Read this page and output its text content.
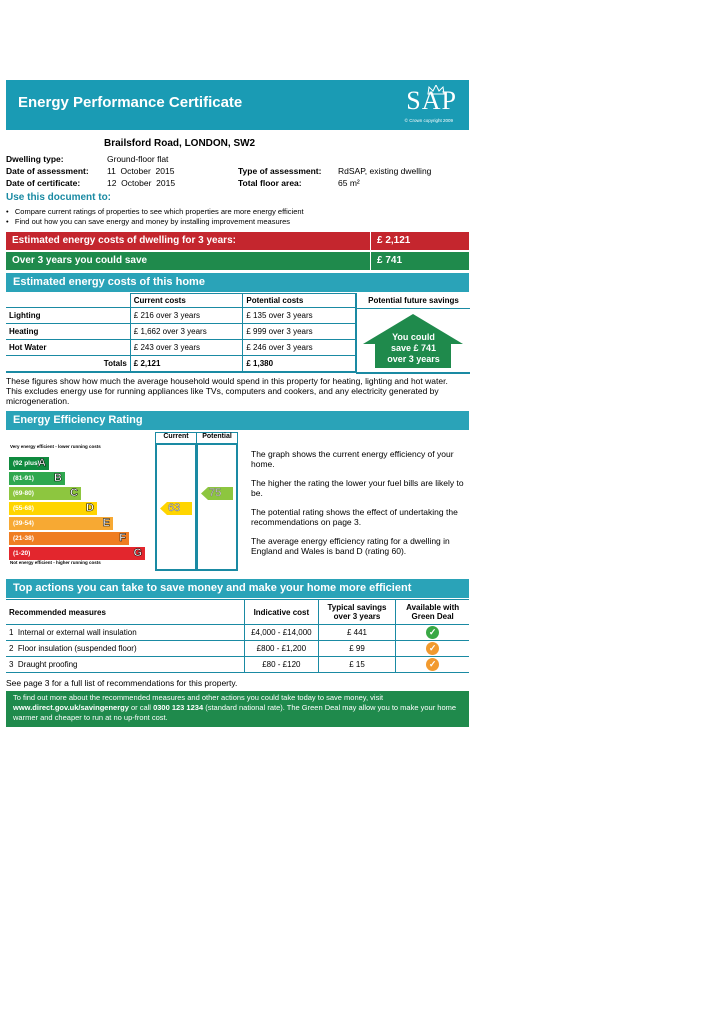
Energy Performance Certificate	SAP
© Crown copyright 2009
Brailsford Road, LONDON, SW2
Dwelling type:	Ground-floor flat
Date of assessment: 11  October  2015
Date of certificate:	12  October  2015
Type of assessment: RdSAP, existing dwelling
Total floor area:	65 m²
Use this document to:
•   Compare current ratings of properties to see which properties are more energy efficient
•   Find out how you can save energy and money by installing improvement measures
Estimated energy costs of dwelling for 3 years:	£ 2,121
Over 3 years you could save	£ 741
Estimated energy costs of this home
	Current costs	Potential costs
Lighting	£ 216 over 3 years	£ 135 over 3 years
Heating	£ 1,662 over 3 years	£ 999 over 3 years
Hot Water	£ 243 over 3 years	£ 246 over 3 years
Totals	£ 2,121	£ 1,380
Potential future savings
You could
save £ 741
over 3 years
These figures show how much the average household would spend in this property for heating, lighting and hot water. This excludes energy use for running appliances like TVs, computers and cookers, and any electricity generated by microgeneration.
Energy Efficiency Rating
Current	Potential
Very energy efficient - lower running costs
(92 plus)
A
(81-91) B
(69-80)	C
(55-68)	D
(39-54)	E
(21-38)	F
(1-20)	G
Not energy efficient - higher running costs
63
75
The graph shows the current energy efficiency of your home.
The higher the rating the lower your fuel bills are likely to be.
The potential rating shows the effect of undertaking the recommendations on page 3.
The average energy efficiency rating for a dwelling in England and Wales is band D (rating 60).
Top actions you can take to save money and make your home more efficient
Recommended measures	Indicative cost	Typical savings over 3 years	Available with Green Deal
1 Internal or external wall insulation	£4,000 - £14,000	£ 441	✓
2 Floor insulation (suspended floor)	£800 - £1,200	£ 99	✓
3 Draught proofing	£80 - £120	£ 15	✓
See page 3 for a full list of recommendations for this property.
To find out more about the recommended measures and other actions you could take today to save money, visit www.direct.gov.uk/savingenergy or call 0300 123 1234 (standard national rate). The Green Deal may allow you to make your home warmer and cheaper to run at no up-front cost.
